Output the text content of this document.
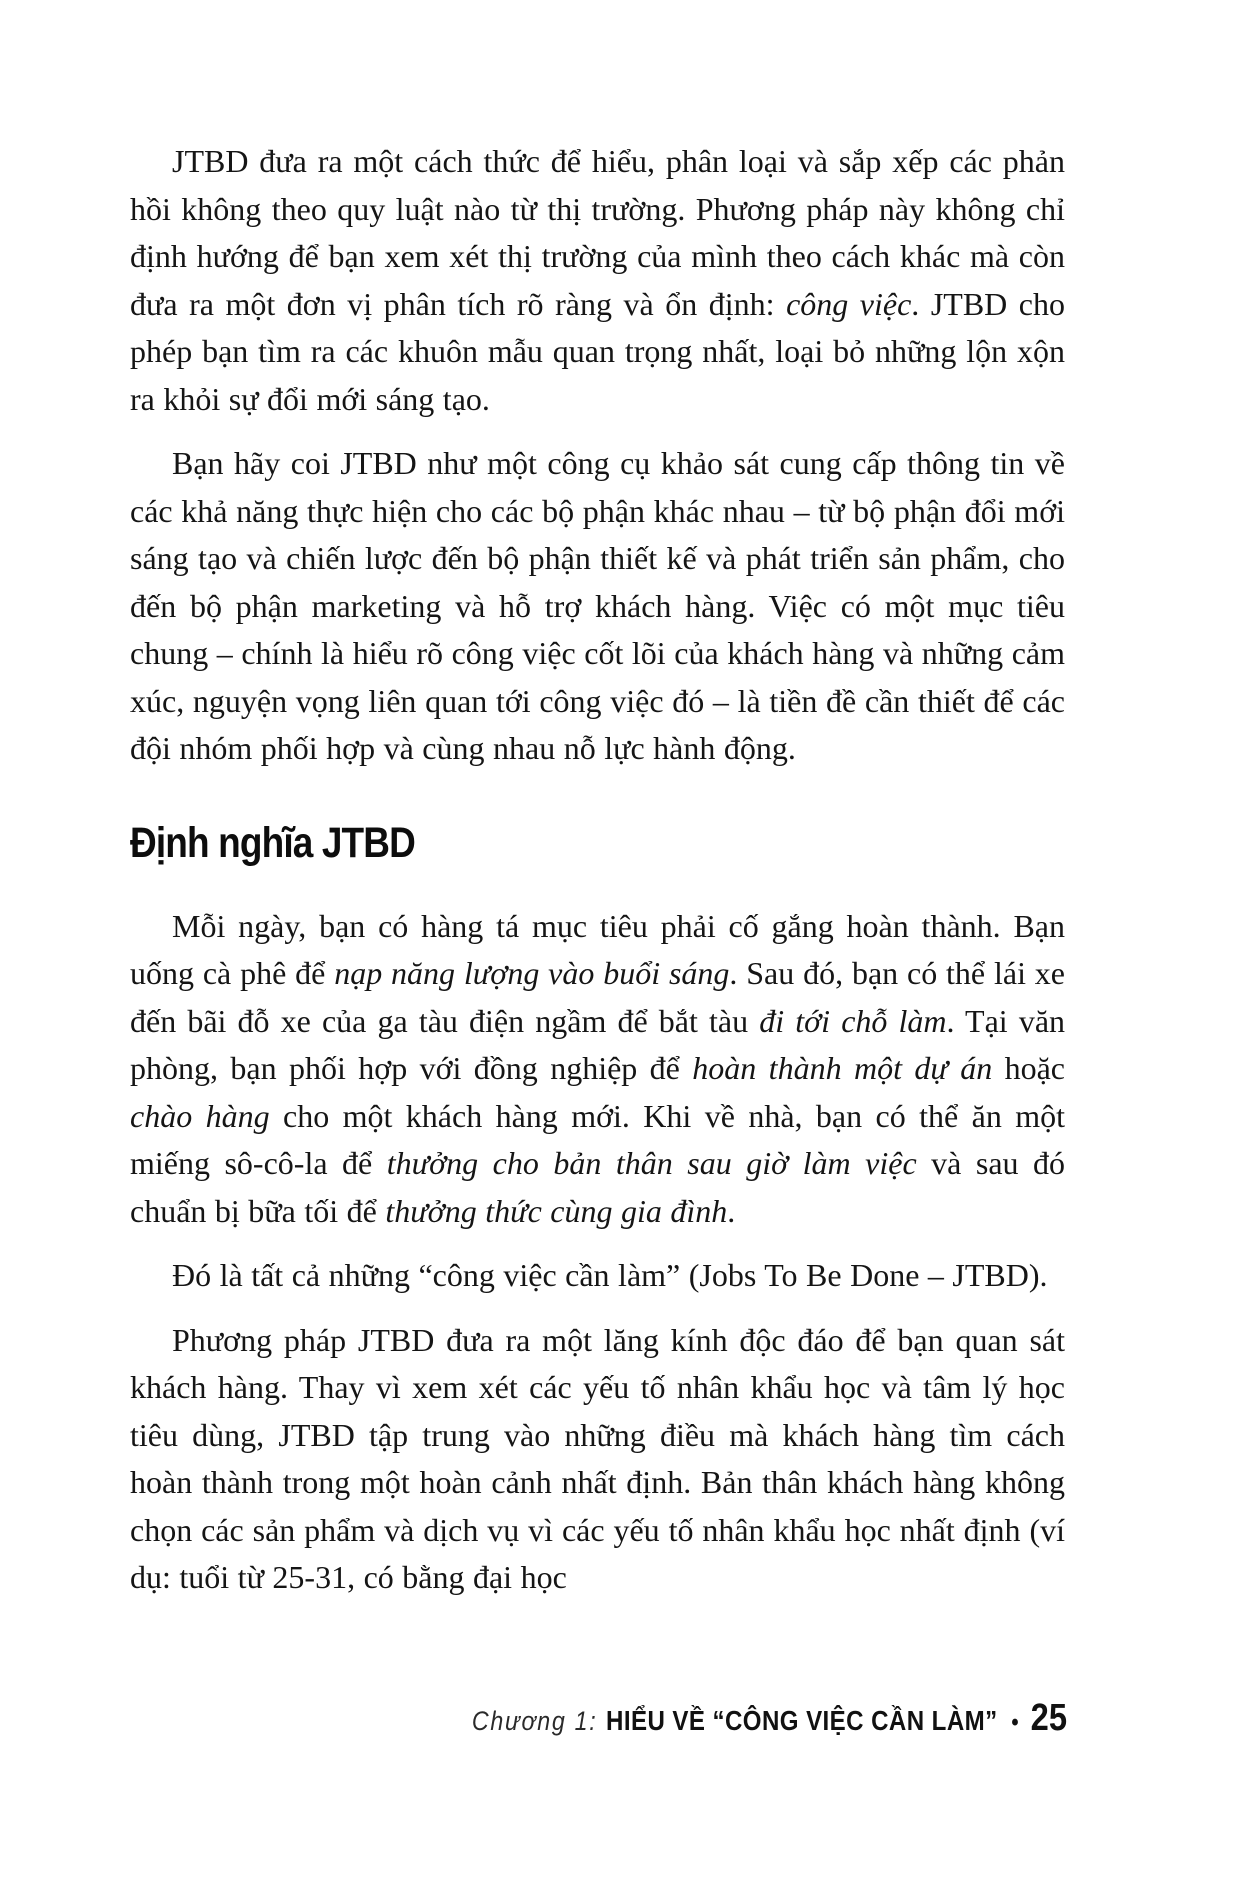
JTBD đưa ra một cách thức để hiểu, phân loại và sắp xếp các phản hồi không theo quy luật nào từ thị trường. Phương pháp này không chỉ định hướng để bạn xem xét thị trường của mình theo cách khác mà còn đưa ra một đơn vị phân tích rõ ràng và ổn định: công việc. JTBD cho phép bạn tìm ra các khuôn mẫu quan trọng nhất, loại bỏ những lộn xộn ra khỏi sự đổi mới sáng tạo.

Bạn hãy coi JTBD như một công cụ khảo sát cung cấp thông tin về các khả năng thực hiện cho các bộ phận khác nhau – từ bộ phận đổi mới sáng tạo và chiến lược đến bộ phận thiết kế và phát triển sản phẩm, cho đến bộ phận marketing và hỗ trợ khách hàng. Việc có một mục tiêu chung – chính là hiểu rõ công việc cốt lõi của khách hàng và những cảm xúc, nguyện vọng liên quan tới công việc đó – là tiền đề cần thiết để các đội nhóm phối hợp và cùng nhau nỗ lực hành động.

Định nghĩa JTBD

Mỗi ngày, bạn có hàng tá mục tiêu phải cố gắng hoàn thành. Bạn uống cà phê để nạp năng lượng vào buổi sáng. Sau đó, bạn có thể lái xe đến bãi đỗ xe của ga tàu điện ngầm để bắt tàu đi tới chỗ làm. Tại văn phòng, bạn phối hợp với đồng nghiệp để hoàn thành một dự án hoặc chào hàng cho một khách hàng mới. Khi về nhà, bạn có thể ăn một miếng sô-cô-la để thưởng cho bản thân sau giờ làm việc và sau đó chuẩn bị bữa tối để thưởng thức cùng gia đình.

Đó là tất cả những “công việc cần làm” (Jobs To Be Done – JTBD).

Phương pháp JTBD đưa ra một lăng kính độc đáo để bạn quan sát khách hàng. Thay vì xem xét các yếu tố nhân khẩu học và tâm lý học tiêu dùng, JTBD tập trung vào những điều mà khách hàng tìm cách hoàn thành trong một hoàn cảnh nhất định. Bản thân khách hàng không chọn các sản phẩm và dịch vụ vì các yếu tố nhân khẩu học nhất định (ví dụ: tuổi từ 25-31, có bằng đại học

Chương 1: HIỂU VỀ “CÔNG VIỆC CẦN LÀM” • 25
